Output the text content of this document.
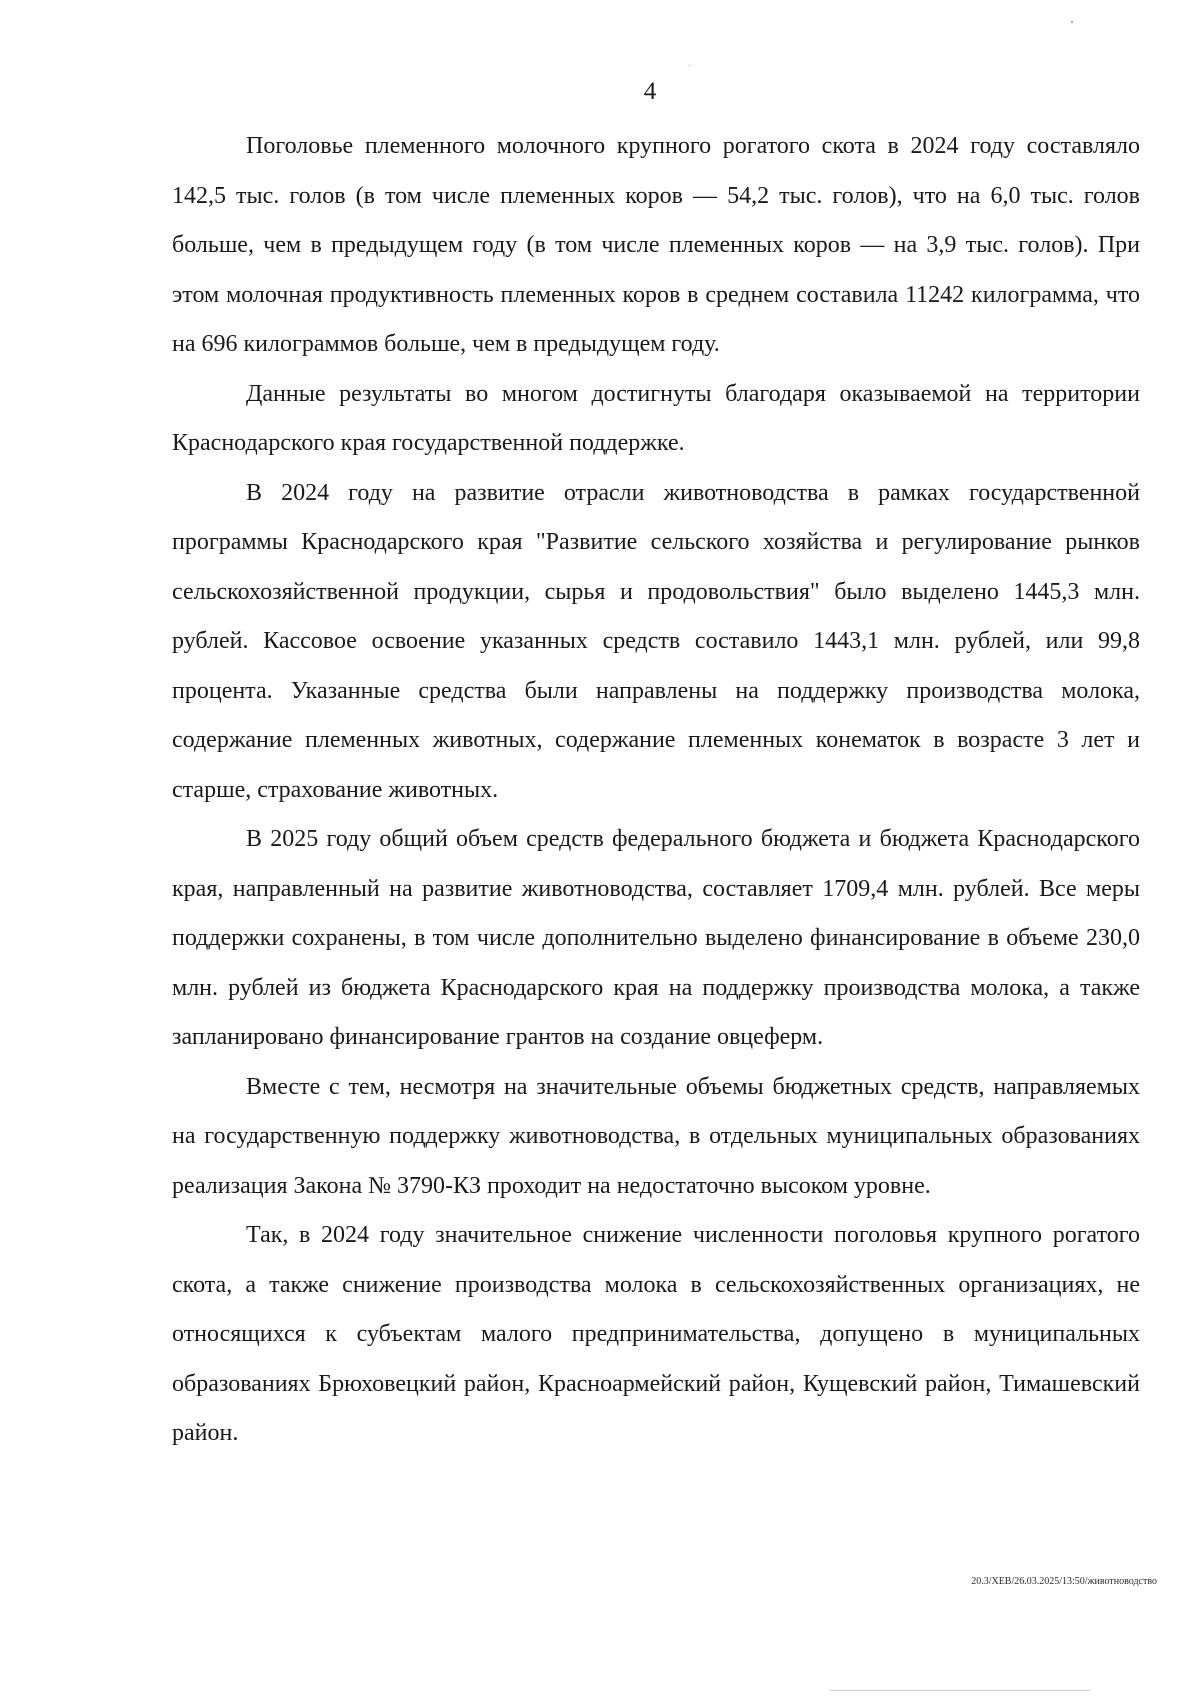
4

Поголовье племенного молочного крупного рогатого скота в 2024 году составляло 142,5 тыс. голов (в том числе племенных коров — 54,2 тыс. голов), что на 6,0 тыс. голов больше, чем в предыдущем году (в том числе племенных коров — на 3,9 тыс. голов). При этом молочная продуктивность племенных коров в среднем составила 11242 килограмма, что на 696 килограммов больше, чем в предыдущем году.

Данные результаты во многом достигнуты благодаря оказываемой на территории Краснодарского края государственной поддержке.

В 2024 году на развитие отрасли животноводства в рамках государственной программы Краснодарского края "Развитие сельского хозяйства и регулирование рынков сельскохозяйственной продукции, сырья и продовольствия" было выделено 1445,3 млн. рублей. Кассовое освоение указанных средств составило 1443,1 млн. рублей, или 99,8 процента. Указанные средства были направлены на поддержку производства молока, содержание племенных животных, содержание племенных конематок в возрасте 3 лет и старше, страхование животных.

В 2025 году общий объем средств федерального бюджета и бюджета Краснодарского края, направленный на развитие животноводства, составляет 1709,4 млн. рублей. Все меры поддержки сохранены, в том числе дополнительно выделено финансирование в объеме 230,0 млн. рублей из бюджета Краснодарского края на поддержку производства молока, а также запланировано финансирование грантов на создание овцеферм.

Вместе с тем, несмотря на значительные объемы бюджетных средств, направляемых на государственную поддержку животноводства, в отдельных муниципальных образованиях реализация Закона № 3790-КЗ проходит на недостаточно высоком уровне.

Так, в 2024 году значительное снижение численности поголовья крупного рогатого скота, а также снижение производства молока в сельскохозяйственных организациях, не относящихся к субъектам малого предпринимательства, допущено в муниципальных образованиях Брюховецкий район, Красноармейский район, Кущевский район, Тимашевский район.

20.3/ХЕВ/26.03.2025/13:50/животноводство
